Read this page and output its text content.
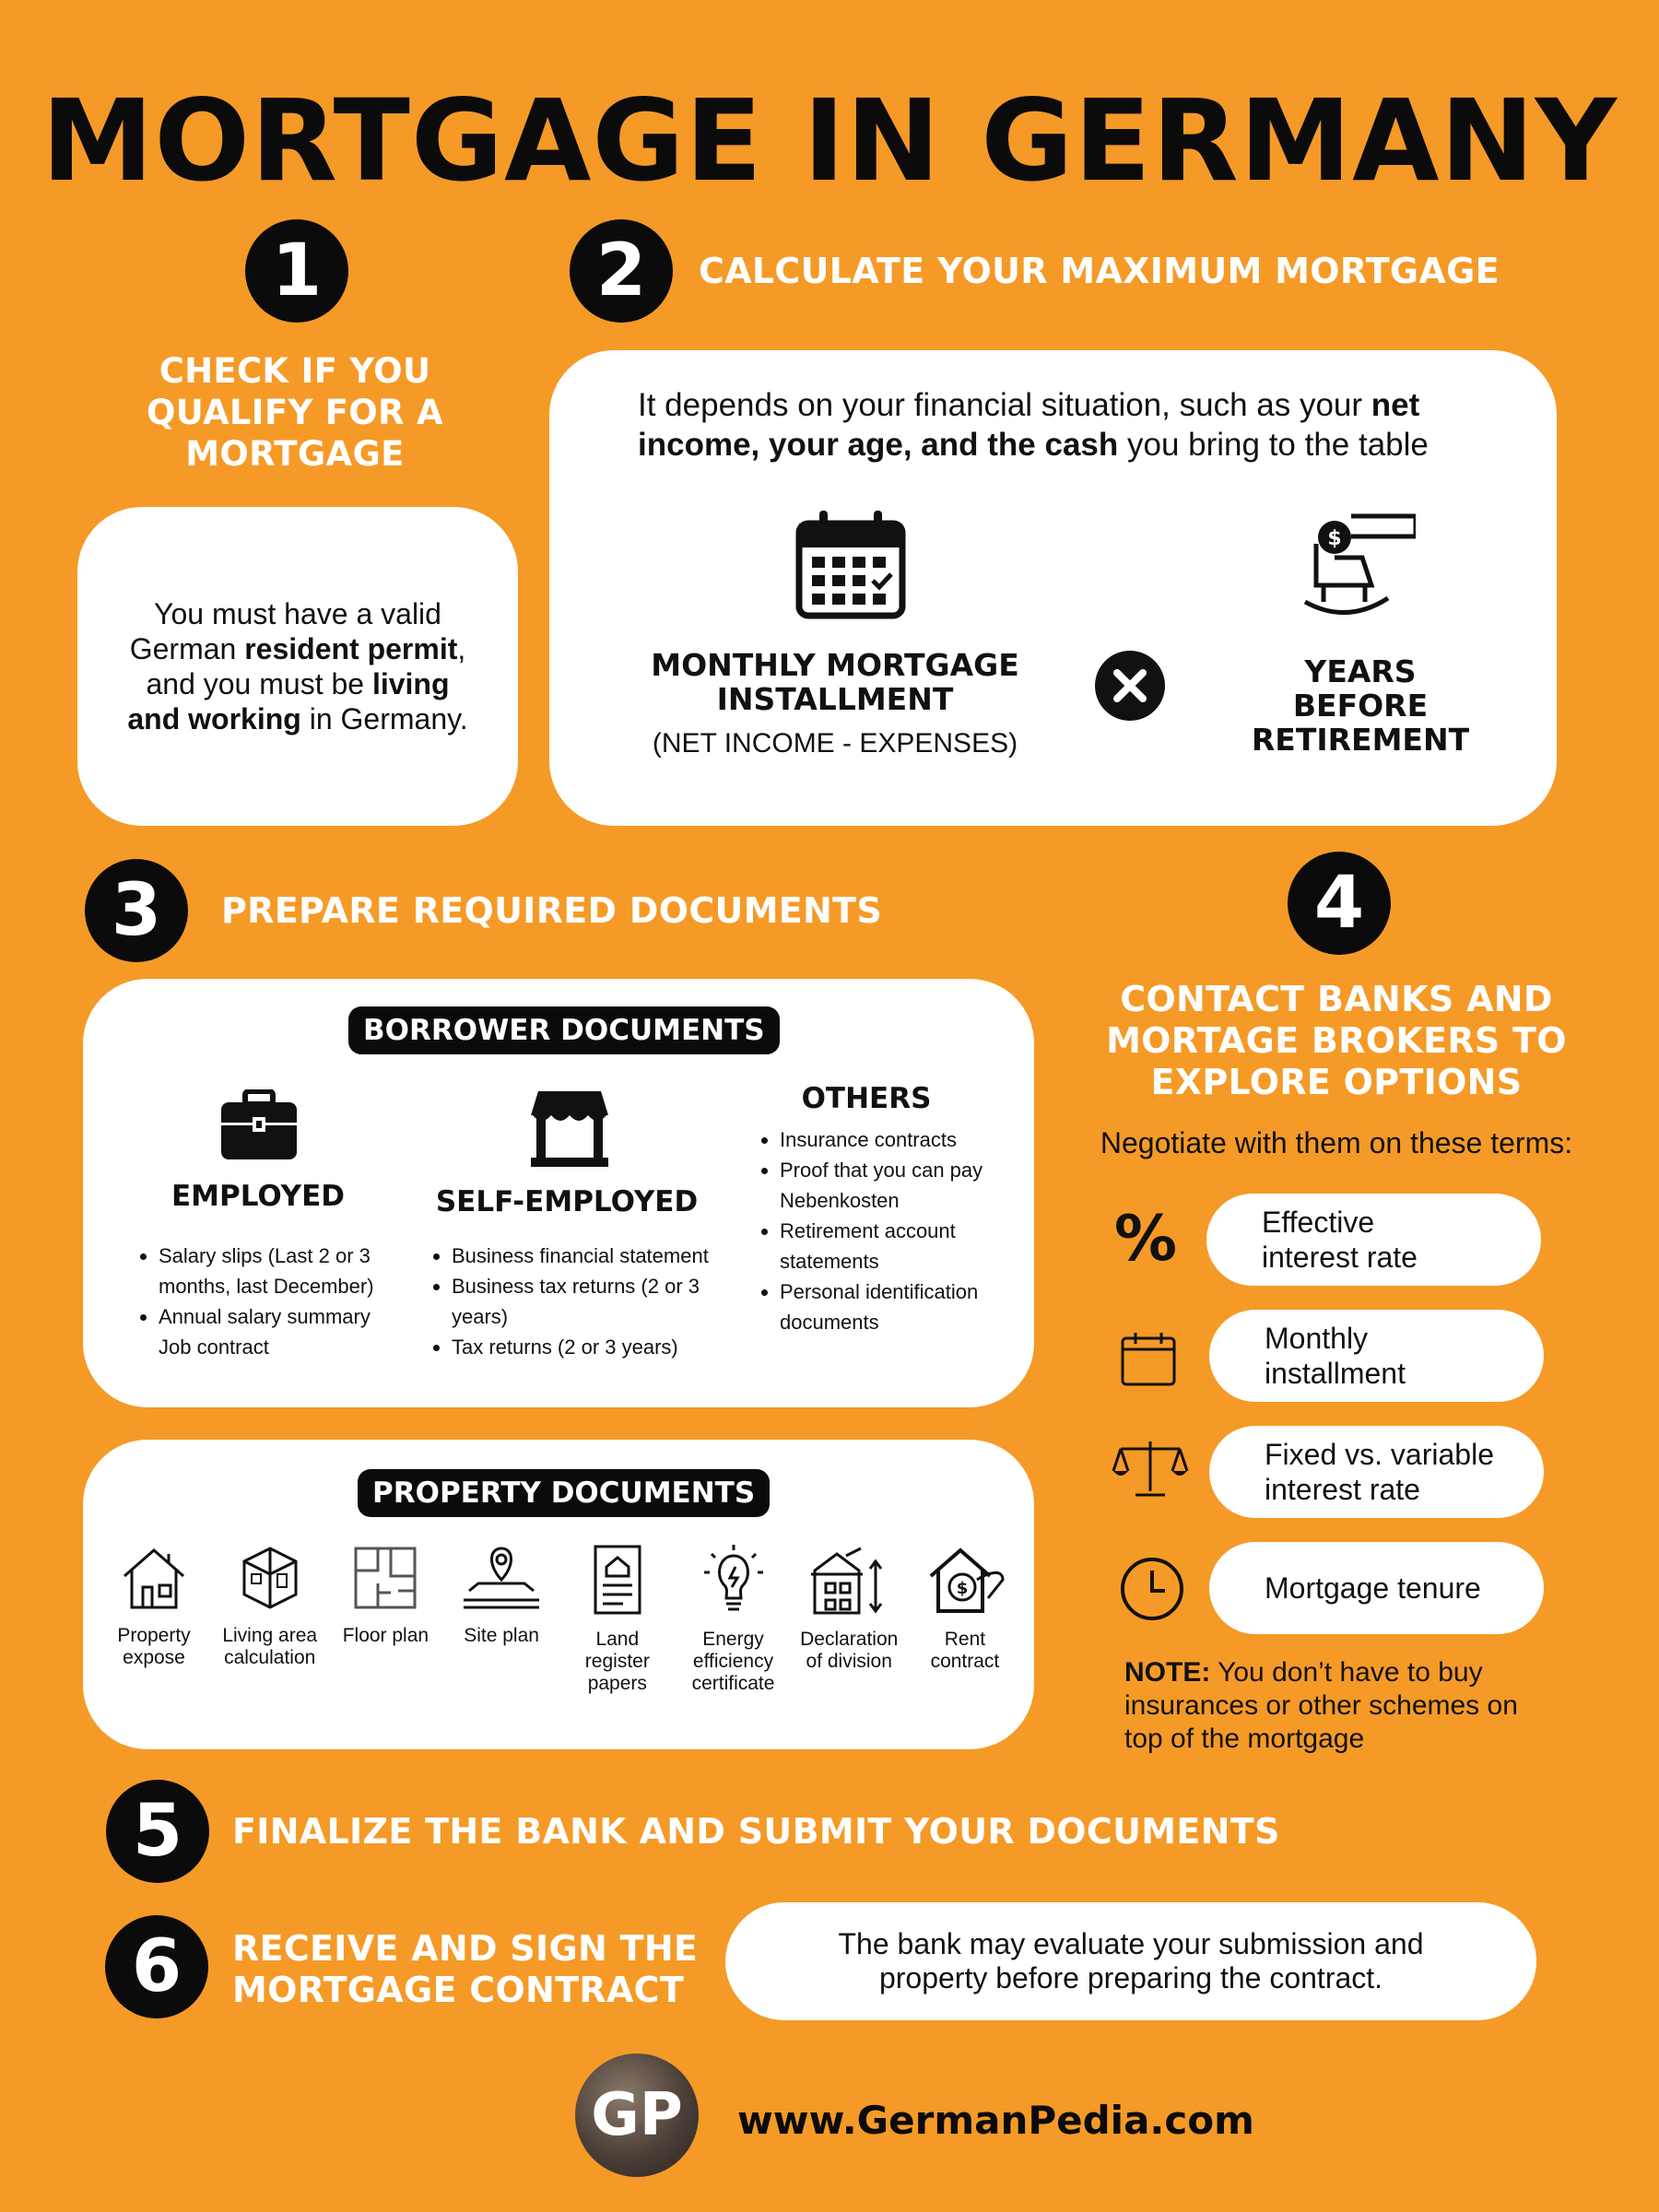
MORTGAGE IN GERMANY
1
CHECK IF YOU
QUALIFY FOR A
MORTGAGE

You must have a valid German resident permit, and you must be living and working in Germany.

2	CALCULATE YOUR MAXIMUM MORTGAGE

It depends on your financial situation, such as your net income, your age, and the cash you bring to the table

$
MONTHLY MORTGAGE
INSTALLMENT
(NET INCOME - EXPENSES)
YEARS
BEFORE
RETIREMENT
3	PREPARE REQUIRED DOCUMENTS
BORROWER DOCUMENTS
EMPLOYED
• Salary slips (Last 2 or 3 months, last December)
• Annual salary summary Job contract
SELF-EMPLOYED
• Business financial statement
• Business tax returns (2 or 3 years)
• Tax returns (2 or 3 years)
OTHERS
• Insurance contracts
• Proof that you can pay Nebenkosten
• Retirement account statements
• Personal identification documents
PROPERTY DOCUMENTS
Property
expose
Living area
calculation
Floor plan	Site plan	Land
register
papers
Energy
efficiency
certificate
Declaration
of division
$
Rent
contract
4
CONTACT BANKS AND
MORTAGE BROKERS TO
EXPLORE OPTIONS
Negotiate with them on these terms:
%	Effective
interest rate
Monthly
installment
Fixed vs. variable
interest rate
Mortgage tenure

NOTE: You don’t have to buy insurances or other schemes on top of the mortgage

5	FINALIZE THE BANK AND SUBMIT YOUR DOCUMENTS
6	RECEIVE AND SIGN THE
MORTGAGE CONTRACT

The bank may evaluate your submission and property before preparing the contract.

GP	www.GermanPedia.com
